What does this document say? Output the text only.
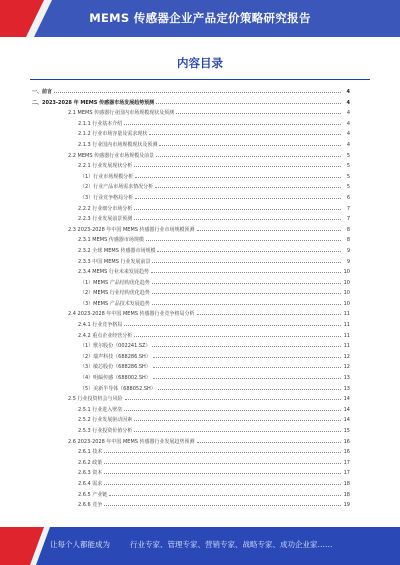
MEMS 传感器企业产品定价策略研究报告
内容目录
一、前言	4
二、2023-2028 年 MEMS 传感器市场发展趋势预测	4
2.1 MEMS 传感器行业国内市场规模现状及预测	4
2.1.1 行业基本介绍	4
2.1.2 行业市场容量及需求现状	4
2.1.3 行业国内市场规模现状及预测	4
2.2 MEMS 传感器行业市场规模及前景	5
2.2.1 行业发展现状分析	5
（1）行业市场规模分析	5
（2）行业产品市场需求情况分析	5
（3）行业竞争格局分析	6
2.2.2 行业细分市场分析	7
2.2.3 行业发展前景预测	7
2.3 2023-2028 年中国 MEMS 传感器行业市场规模预测	8
2.3.1 MEMS 传感器市场规模	8
2.3.2 全球 MEMS 传感器市场规模	9
2.3.3 中国 MEMS 行业发展前景	9
2.3.4 MEMS 行业未来发展趋势	10
（1）MEMS 产品结构优化趋势	10
（2）MEMS 行业结构优化趋势	10
（3）MEMS 产品技术发展趋势	10
2.4 2023-2028 年中国 MEMS 传感器行业竞争格局分析	11
2.4.1 行业竞争格局	11
2.4.2 重点企业经营分析	11
（1）歌尔股份（002241.SZ）	11
（2）瑞声科技（688286.SH）	12
（3）敏芯股份（688286.SH）	12
（4）明皜传感（688002.SH）	13
（5）美新半导体（688052.SH）	13
2.5 行业投资机会与风险	14
2.5.1 行业进入壁垒	14
2.5.2 行业发展驱动因素	14
2.5.3 行业投资价值分析	15
2.6 2023-2028 年中国 MEMS 传感器行业发展趋势预测	16
2.6.1 技术	16
2.6.2 政策	17
2.6.3 资本	17
2.6.4 需求	18
2.6.5 产业链	18
2.6.6 竞争	19
让每个人都能成为	行业专家、管理专家、营销专家、战略专家、成功企业家……
